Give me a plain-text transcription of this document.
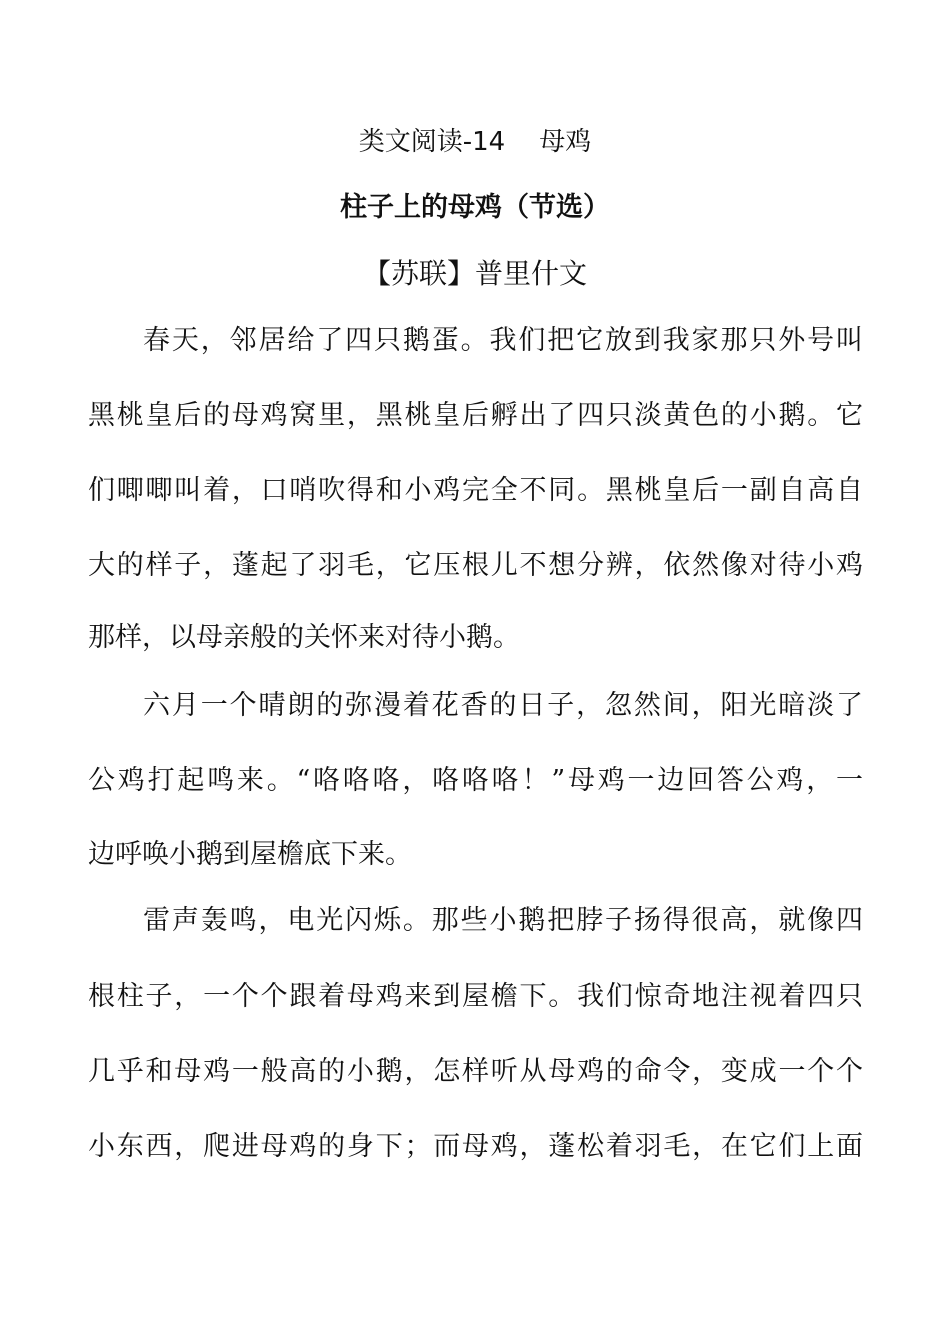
类文阅读-14 母鸡
柱子上的母鸡（节选）
【苏联】普里什文
春天，邻居给了四只鹅蛋。我们把它放到我家那只外号叫
黑桃皇后的母鸡窝里，黑桃皇后孵出了四只淡黄色的小鹅。它
们唧唧叫着，口哨吹得和小鸡完全不同。黑桃皇后一副自高自
大的样子，蓬起了羽毛，它压根儿不想分辨，依然像对待小鸡
那样，以母亲般的关怀来对待小鹅。
六月一个晴朗的弥漫着花香的日子，忽然间，阳光暗淡了
公鸡打起鸣来。“咯咯咯，咯咯咯！”母鸡一边回答公鸡，一
边呼唤小鹅到屋檐底下来。
雷声轰鸣，电光闪烁。那些小鹅把脖子扬得很高，就像四
根柱子，一个个跟着母鸡来到屋檐下。我们惊奇地注视着四只
几乎和母鸡一般高的小鹅，怎样听从母鸡的命令，变成一个个
小东西，爬进母鸡的身下；而母鸡，蓬松着羽毛，在它们上面
